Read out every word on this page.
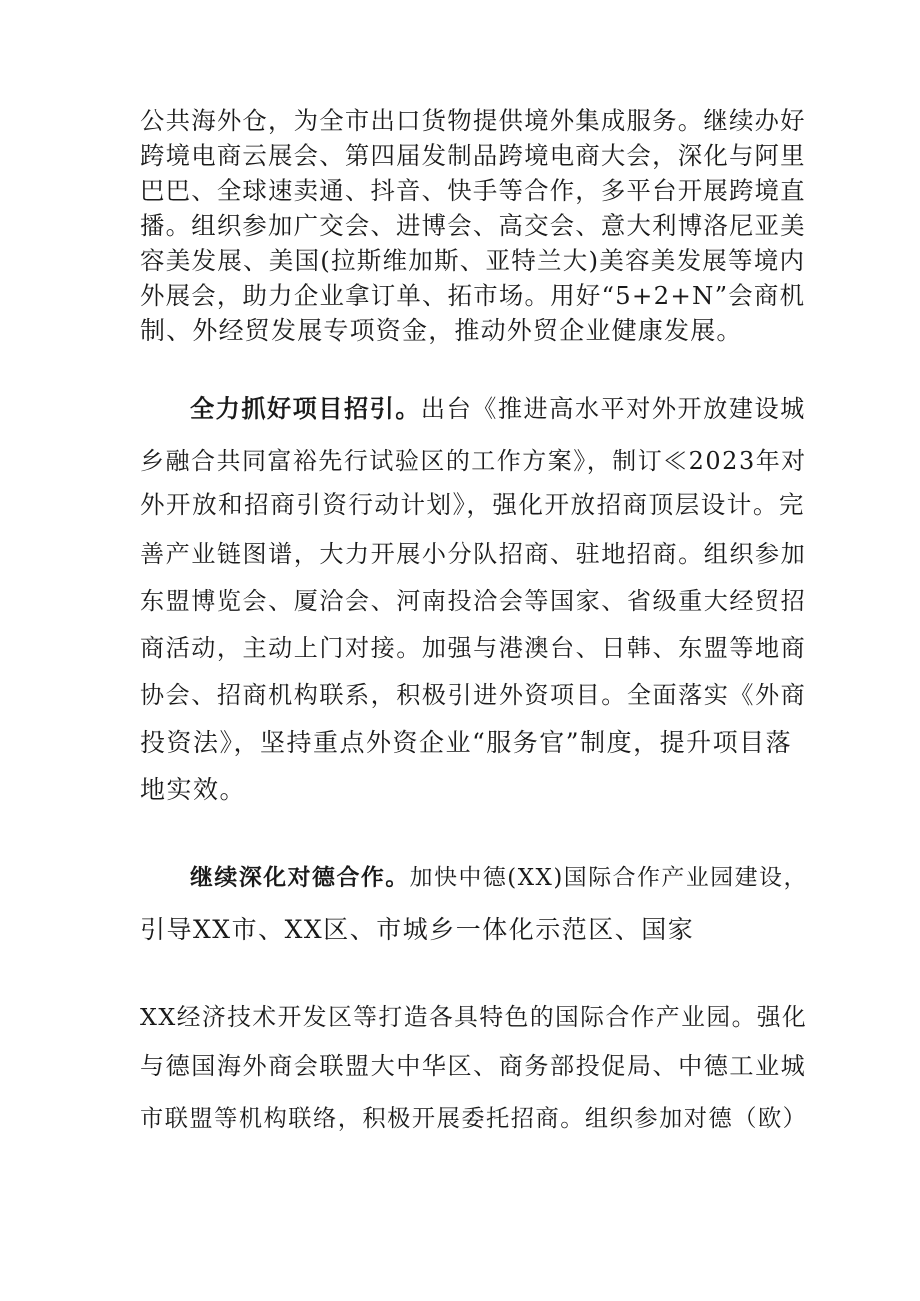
公共海外仓，为全市出口货物提供境外集成服务。继续办好
跨境电商云展会、第四届发制品跨境电商大会，深化与阿里
巴巴、全球速卖通、抖音、快手等合作，多平台开展跨境直
播。组织参加广交会、进博会、高交会、意大利博洛尼亚美
容美发展、美国(拉斯维加斯、亚特兰大)美容美发展等境内
外展会，助力企业拿订单、拓市场。用好“5+2+N”会商机
制、外经贸发展专项资金，推动外贸企业健康发展。
全力抓好项目招引。出台《推进高水平对外开放建设城
乡融合共同富裕先行试验区的工作方案》，制订≪2023年对
外开放和招商引资行动计划》，强化开放招商顶层设计。完
善产业链图谱，大力开展小分队招商、驻地招商。组织参加
东盟博览会、厦洽会、河南投洽会等国家、省级重大经贸招
商活动，主动上门对接。加强与港澳台、日韩、东盟等地商
协会、招商机构联系，积极引进外资项目。全面落实《外商
投资法》，坚持重点外资企业“服务官”制度，提升项目落
地实效。
继续深化对德合作。加快中德(XX)国际合作产业园建设，
引导XX市、XX区、市城乡一体化示范区、国家
XX经济技术开发区等打造各具特色的国际合作产业园。强化
与德国海外商会联盟大中华区、商务部投促局、中德工业城
市联盟等机构联络，积极开展委托招商。组织参加对德（欧）
